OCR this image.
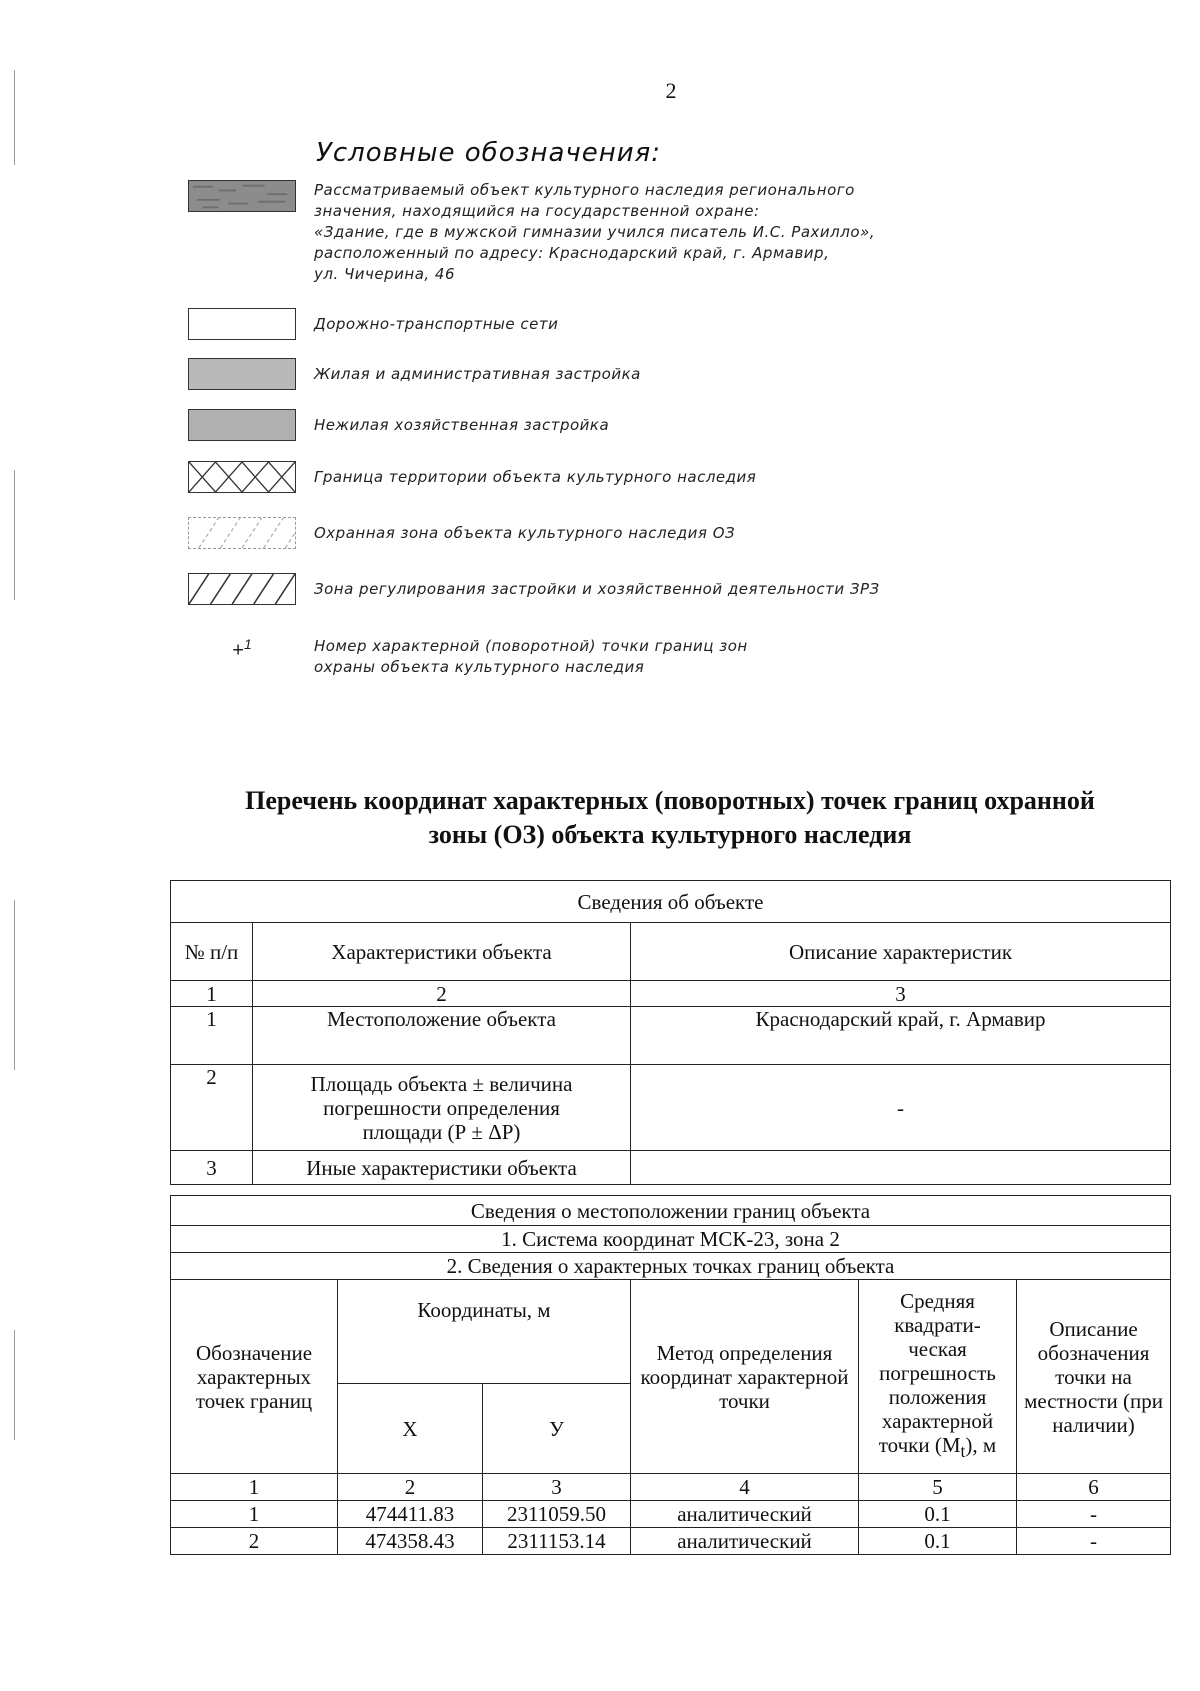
2
Условные обозначения:
Рассматриваемый объект культурного наследия регионального
значения, находящийся на государственной охране:
«Здание, где в мужской гимназии учился писатель И.С. Рахилло»,
расположенный по адресу: Краснодарский край, г. Армавир,
ул. Чичерина, 46
Дорожно-транспортные сети
Жилая и административная застройка
Нежилая хозяйственная застройка
Граница территории объекта культурного наследия
Охранная зона объекта культурного наследия ОЗ
Зона регулирования застройки и хозяйственной деятельности ЗРЗ
+$^1$	Номер характерной (поворотной) точки границ зон
охраны объекта культурного наследия
Перечень координат характерных (поворотных) точек границ охранной
зоны (ОЗ) объекта культурного наследия
Сведения об объекте		
№ п/п	Характеристики объекта	Описание характеристик
1	2	3
1	Местоположение объекта	Краснодарский край, г. Армавир
2	Площадь объекта ± величина погрешности определения площади (Р ± ΔР)	-
3	Иные характеристики объекта	
Сведения о местоположении границ объекта					
1. Система координат МСК-23, зона 2					
2. Сведения о характерных точках границ объекта					
Обозначение характерных точек границ	Координаты, м		Метод определения координат характерной точки	Средняя квадрати-ческая погрешность положения характерной точки $(М_t)$, м	Описание обозначения точки на местности (при наличии)
	X	У			
1	2	3	4	5	6
1	474411.83	2311059.50	аналитический	0.1	-
2	474358.43	2311153.14	аналитический	0.1	-
